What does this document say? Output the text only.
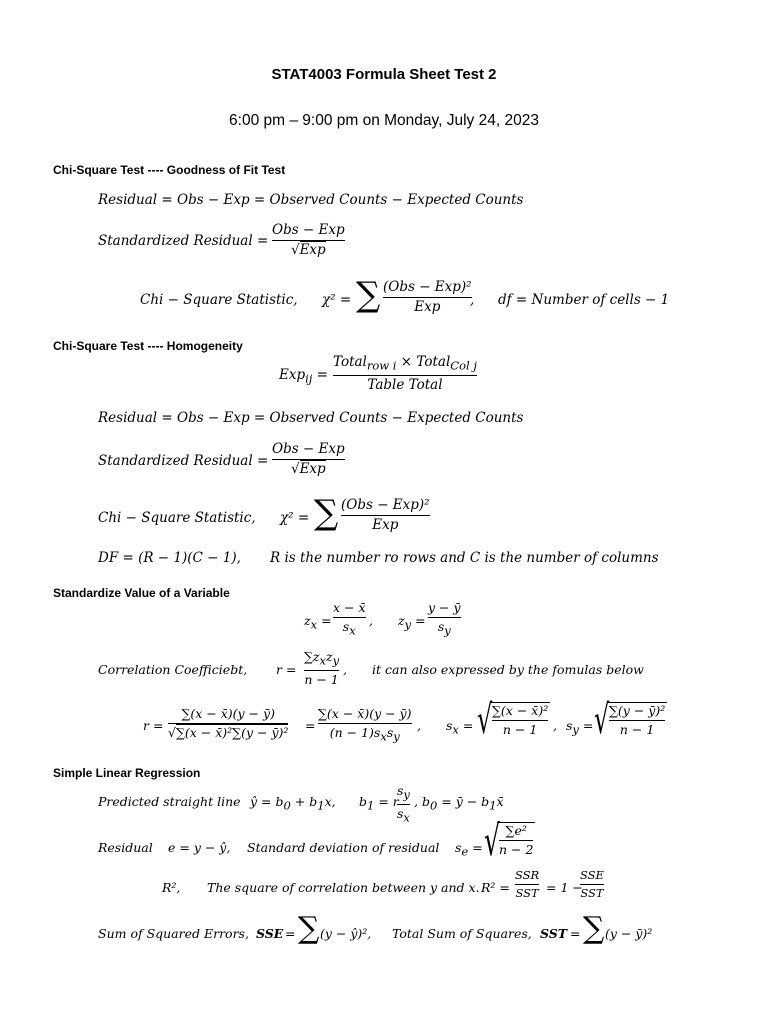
STAT4003 Formula Sheet Test 2
6:00 pm – 9:00 pm on Monday, July 24, 2023
Chi-Square Test ---- Goodness of Fit Test
Residual = Obs − Exp = Observed Counts − Expected Counts
Standardized Residual =
Obs − Exp
√Exp
Chi − Square Statistic, χ² = ∑ (Obs − Exp)²
Exp , df = Number of cells − 1
Chi-Square Test ---- Homogeneity
Exp$_{ij}$ =
Total$_{row i}$ × Total$_{Col j}$
Table Total
Residual = Obs − Exp = Observed Counts − Expected Counts
Standardized Residual =
Obs − Exp
√Exp
Chi − Square Statistic, χ² = ∑ (Obs − Exp)²
Exp
DF = (R − 1)(C − 1), R is the number ro rows and C is the number of columns
Standardize Value of a Variable
$z_x$ =
x − x̄
$s_x$
, $z_y$ =
y − ȳ
$s_y$
Correlation Coefficiebt, r =
$\sum z_xz_y$
n − 1
, it can also expressed by the fomulas below
r =
∑(x − x̄)(y − ȳ)
√∑(x − x̄)²∑(y − ȳ)² =
∑(x − x̄)(y − ȳ)
$(n - 1)s_xs_y$
, $s_x$ = √ ∑(x − x̄)²
n − 1 , $s_y$ = √ ∑(y − ȳ)²
n − 1
Simple Linear Regression
Predicted straight line ŷ = $b_0 + b_1x$, $b_1 = r$
$s_y$
$s_x$
, $b_0$ = ȳ − $b_1x̄$
Residual e = y − ŷ, Standard deviation of residual $s_e$ = √ ∑e²
n − 2
R², The square of correlation between y and x. R² =
SSR
SST = 1 −
SSE
SST
Sum of Squared Errors, SSE = ∑ (y − ŷ)², Total Sum of Squares, SST = ∑ (y − ȳ)²
